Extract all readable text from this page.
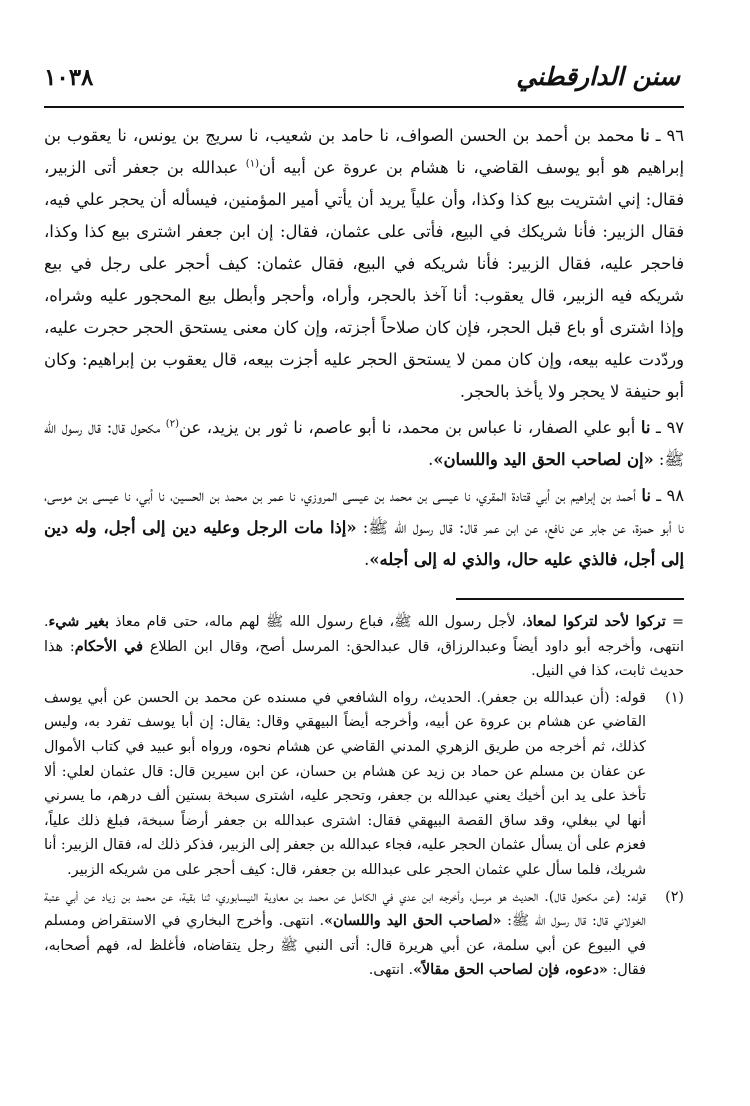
سنن الدارقطني
١٠٣٨

٩٦ ـ نا محمد بن أحمد بن الحسن الصواف، نا حامد بن شعيب، نا سريج بن يونس، نا يعقوب بن إبراهيم هو أبو يوسف القاضي، نا هشام بن عروة عن أبيه أن$^{(١)}$ عبدالله بن جعفر أتى الزبير، فقال: إني اشتريت بيع كذا وكذا، وأن علياً يريد أن يأتي أمير المؤمنين، فيسأله أن يحجر علي فيه، فقال الزبير: فأنا شريكك في البيع، فأتى على عثمان، فقال: إن ابن جعفر اشترى بيع كذا وكذا، فاحجر عليه، فقال الزبير: فأنا شريكه في البيع، فقال عثمان: كيف أحجر على رجل في بيع شريكه فيه الزبير، قال يعقوب: أنا آخذ بالحجر، وأراه، وأحجر وأبطل بيع المحجور عليه وشراه، وإذا اشترى أو باع قبل الحجر، فإن كان صلاحاً أجزته، وإن كان معنى يستحق الحجر حجرت عليه، وردّدت عليه بيعه، وإن كان ممن لا يستحق الحجر عليه أجزت بيعه، قال يعقوب بن إبراهيم: وكان أبو حنيفة لا يحجر ولا يأخذ بالحجر.

٩٧ ـ نا أبو علي الصفار، نا عباس بن محمد، نا أبو عاصم، نا ثور بن يزيد، عن$^{(٢)}$ مكحول قال: قال رسول الله ﷺ: «إن لصاحب الحق اليد واللسان».

٩٨ ـ نا أحمد بن إبراهيم بن أبي قتادة المقري، نا عيسى بن محمد بن عيسى المروزي، نا عمر بن محمد بن الحسين، نا أبي، نا عيسى بن موسى، نا أبو حمزة، عن جابر عن نافع، عن ابن عمر قال: قال رسول الله ﷺ: «إذا مات الرجل وعليه دين إلى أجل، وله دين إلى أجل، فالذي عليه حال، والذي له إلى أجله».

= تركوا لأحد لتركوا لمعاذ، لأجل رسول الله ﷺ، فباع رسول الله ﷺ لهم ماله، حتى قام معاذ بغير شيء. انتهى، وأخرجه أبو داود أيضاً وعبدالرزاق، قال عبدالحق: المرسل أصح، وقال ابن الطلاع في الأحكام: هذا حديث ثابت، كذا في النيل.

(١)
قوله: (أن عبدالله بن جعفر). الحديث، رواه الشافعي في مسنده عن محمد بن الحسن عن أبي يوسف القاضي عن هشام بن عروة عن أبيه، وأخرجه أيضاً البيهقي وقال: يقال: إن أبا يوسف تفرد به، وليس كذلك، ثم أخرجه من طريق الزهري المدني القاضي عن هشام نحوه، ورواه أبو عبيد في كتاب الأموال عن عفان بن مسلم عن حماد بن زيد عن هشام بن حسان، عن ابن سيرين قال: قال عثمان لعلي: ألا تأخذ على يد ابن أخيك يعني عبدالله بن جعفر، وتحجر عليه، اشترى سبخة بستين ألف درهم، ما يسرني أنها لي ببغلي، وقد ساق القصة البيهقي فقال: اشترى عبدالله بن جعفر أرضاً سبخة، فبلغ ذلك علياً، فعزم على أن يسأل عثمان الحجر عليه، فجاء عبدالله بن جعفر إلى الزبير، فذكر ذلك له، فقال الزبير: أنا شريك، فلما سأل علي عثمان الحجر على عبدالله بن جعفر، قال: كيف أحجر على من شريكه الزبير.

(٢)
قوله: (عن مكحول قال). الحديث هو مرسل، وأخرجه ابن عدي في الكامل عن محمد بن معاوية النيسابوري، ثنا بقية، عن محمد بن زياد عن أبي عتبة الخولاني قال: قال رسول الله ﷺ: «لصاحب الحق اليد واللسان». انتهى. وأخرج البخاري في الاستقراض ومسلم في البيوع عن أبي سلمة، عن أبي هريرة قال: أتى النبي ﷺ رجل يتقاضاه، فأغلظ له، فهم أصحابه، فقال: «دعوه، فإن لصاحب الحق مقالاً». انتهى.
